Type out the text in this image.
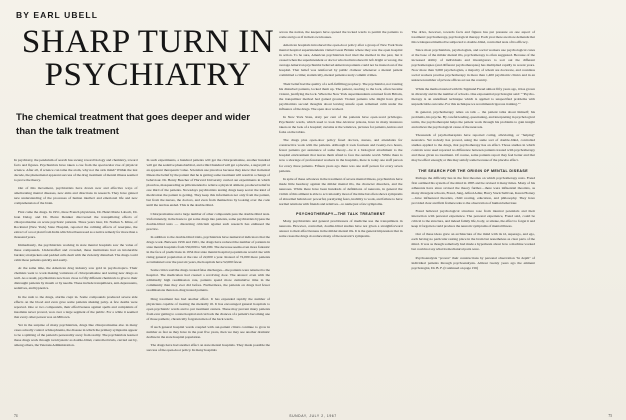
BY EARL UBELL
SHARP TURN IN
PSYCHIATRY
The chemical treatment that goes deeper and wider than the talk treatment

In psychiatry, the pendulum of search has swung toward biology and chemistry, toward facts and figures. Psychiatrists have taken a cue from the spectacular rise of physical science. After all, if science can tame the atom, why not the sick mind? Within the last decade, the phenomenal apparent success of the drug treatment of mental illness seemed to prove the theory.

Out of this movement, psychiatrists have drawn new and effective ways of ameliorating mental diseases, new aims and directions in research. They have gained new understanding of the processes of human intellect and emotional life and new comprehension of the brain.

First came the drugs. In 1951, three French physicians, Dr. Henri Marie Laborit, Dr. Jean Delay, and Dr. Pierre Deniker discovered the tranquilizing effects of chlorpromazine on acute psychotic patients. Three years later, Dr. Nathan S. Kline, of Rockland (New York) State Hospital, reported the calming effects of reserpine, the extract of a root plant from India which had been used as a native remedy for more than a thousand years.

Immediately, the psychiatrists working in state mental hospitals saw the value of these compounds. Understaffed and crowded, these institutions had an intolerable burden; straitjackets and padded cells dealt with the violently disturbed. The drugs could calm those patients quickly and easily.

At the same time, the American drug industry saw gold in psychotropics. Their chemists went to work making variations of chlorpromazine and testing new drugs as well. As a result, psychiatrists now have close to fifty different chemicals to give to their distraught patients by mouth or by needle. These include tranquilizers, anti-depressants, sedatives, and hypnotics.

In the rush to the drugs, alarms crept in. Some compounds produced severe side effects on the blood and even gave some patients shaking palsy. A few deaths were reported. One or two compounds, their effectiveness against spells and complaints of insomnia never proved, won over a large segment of the public. For a while it seemed that every other person was on Miltown.

Yet in the surprise of many psychiatrists, drugs like chlorpromazine also in many cases actually control schizophrenia, the disease in which the primary symptoms appear to be a splitting of the patient's personality away from reality. The psychiatrists learned these drugs work through torn hysteric as double-blind, controlled trials, carried out by, among others, the Veterans Administration.

In such experiments, a hundred patients will get the chlorpromazine, another hundred will get the sedative phenobarbital, and a third hundred will get a placebo, a sugar pill or an apparent therapeutic value. Scientists use placebos because they know that in mental illness the belief by the patient that he is getting some treatment will result in a change of behaviour. Dr. Henry Beecher of Harvard University carried out experiments in which placebos, masquerading as pills intended to relieve a physical ailment, produced relief in one third of the patients. Nowadays psychiatrists testing drugs keep secret the kind of medication the patient is getting. They keep this information not only from the patient, but from the nurses, the doctors, and even from themselves by looking over the code until the test has ended. This is the double-blind.

Chlorpromazine and a large number of other compounds pass the double-blind tests. Unfortunately, in the haste to get some drugs into patients, some psychiatrists bypass the double-blind tests — discerning criticism against such research has enthused the practice.

In addition to the double-blind trials, psychiatrists have numerical indicators that the drugs work. Between 1956 and 1961, the drugs have reduced the number of patients in state mental hospitals from 550,000 to 520,000. The decrease seems even more fantastic in the face of predictions in 1954 that state mental hospital populations would rise with rising general population at the rate of 22,000 a year. Instead of 72,000 more patients accumulated over the past six years, the hospitals have 52,000 fewer.

Some critics said the drugs created false discharges—the patients were returned to the hospital. The medication had created a revolving door. The answer: even with the admittedly high readmission rate, patients spend more cumulative time in the community than they ever did before. Furthermore, the patients on drugs had fewer readmissions than non-drug treated patients.

Drug treatment has had another effect. It has expanded rapidly the number of physicians capable of treating the mentally ill. It has encouraged general hospitals to open psychiatric wards and to put treatment centers. These may prevent many patients from ever getting to a state hospital and cut back the chances of a patient's becoming one of those pathetic, chronically forgotten men of the back wards.

If such general hospital wards coupled with out-patient clinics continue to grow in number as fast as they have in the past five years, then we may see another dramatic decline in the state hospital population.

The drugs have had another effect on state mental hospitals. They made possible the success of the open-door policy. In many hospitals

across the nation, the keepers have opened the locked wards to permit the patients to come and go as if in their own houses.

American hospitals introduced the open-door policy after a group of New York State mental hospital superintendents visited Great Britain where they saw the open hospital in action. To be sure, American psychiatrists had tried the method in the past, but it ceased when the superintendent or doctor who had introduced it left. Right or wrong, the average American psychiatrist believed American patients could not be trusted out of the hospital. That belief was reinforced by public clamour whenever a mental patient committed a crime; statistically, mental patients rarely commit crimes.

Their belief had the quality of a self-fulfilling prophecy. The psychiatrist, not trusting his disturbed patients, locked them up. The patient, reacting to the lock, often became violent, justifying the lock. When the New York superintendents returned from Britain, the tranquilizer method had gained ground. Violent patients who might have given psychiatrists second thoughts about leaving unsafe open remained calm under the influence of the drugs. The open door worked.

In New York State, sixty per cent of the patients have open-ward privileges. Psychiatric wards, which used to look like Alcatraz prisons, have in many instances taken on the look of a hospital; curtains at the windows, pictures for patients, knives and forks on the tables.

The drugs plus open-door policy freed doctors, nurses, and attendants for constructive work with the patients. Although it took fourteen and twenty-two hours, fewer patients get assistance of some theory—be it a biological attachment to the hospital environment that leaves them afraid to face the outside world. While there is now a shortage of professional workers in the hospitals, there is today one staff person for every three patients. Fifteen years ago there was one staff person for every seven patients.

In spite of these advances in the treatment of severe mental illness, psychiatrists have made little headway against the milder mental ills, the character disorders, and the neuroses. While there have been hundreds of definitions of neurosis, in general the victim of this ailment is able to act rationally most of the time but often shows symptoms of abnormal behaviour: powerful, paralyzing fears, inability to work, and failure to have normal relations with friends and relatives—to name just a few symptoms.

PSYCHOTHERAPY—THE TALK TREATMENT

Many psychiatrists and general practitioners of medicine use the tranquilizers in neurosis. However, controlled, double-blind studies have not given a straightforward answer to their effectiveness in the milder mental ills. It is the general impression that in some cases the drugs do reduce many of the neurotic's symptoms.

The drive, however, towards facts and figures has put pressure on one aspect of treatment: psychotherapy, psychological therapy. Each year there are more demands that this widespread method be subjected to double-blind, controlled tests of its efficacy.

Since most psychiatrists, psychologists, and social workers use psychological cures at the base of the milder mental ills, psychotherapy is often suggested. Because of the increased ability of individuals and investigators to sort out the different psychotherapies (and different psychotherapies) has multiplied rapidly in recent years. Now more than 3,000 psychologists, a majority of whom are doctorate, and countless social workers practise psychotherapy in more than 1,400 psychiatric clinics and in an unknown number of private offices across the country.

While the method started with Dr. Sigmund Freud almost fifty years ago, it has grown in diversity and in the number of schools. One exponential psychologist said: ""Psycho-therapy is an undefined technique which is applied to unspecified problems with unpredictable outcome. For this technique we recommend rigorous training.""

In general, psychotherapy relies on talk ... the patient talks about himself; his problems, his psyche. By careful leading, questioning, and interpreting in psychological terms, the psychotherapist helps the patient work through his problems to gain insight and relieve the psychological cause of the neurosis.

Thousands of psychotherapists have reported caring, alleviating, or "helping" neurotics. Yet nobody has proved, using the same sort of double-blind, controlled studies applied to the drugs, that psychotherapy has an effect. Those studies in which controls were used reported no difference between patients treated with psychotherapy and those given no treatment. Of course, some patients report they feel better and that may be effect enough; or this may satisfy some because of the placebo effect.

THE SEARCH FOR THE ORIGIN OF MENTAL DISEASE

Perhaps the difficulty lies in the first theories on which psychotherapy rests. Freud first outlined his system of the mind in 1895 and he revised it many times. Many of his adherents have since revised the theory further—there were influential theorists, as many divergent schools, Freud, Jung, Alfred Adler, Harry Stack Sullivan, Karen Horney—have influenced theorists, child rearing, education, and philosophy. They have provided clear and firm frameworks to the observation of human behaviour.

Freud believed psychological structure rose from internal potentials and their interaction with personal experience. The personal experience, Freud said, could be critical to the structure, and indeed family life, body, or smoke, the effect to forget it and keep it forgotten could produce the neurotic symptoms of mental illness.

Out of these ideas grew an architecture of the mind with its id, superego, and ego, each having no particular resting place in the brain but nonetheless as clear parts of the mind. It was as though somebody had made a hypothesis about how a machine worked but could not say what its mechanical parts were.

Psychoanalysis "proves" their constructions by personal observation "in depth" of individual patients through psychoanalysis. Almost twenty years ago the eminent psychologist, Dr. B. F. (Continued on page 156)

74	SUNDAY, JULY 2, 1967	75
